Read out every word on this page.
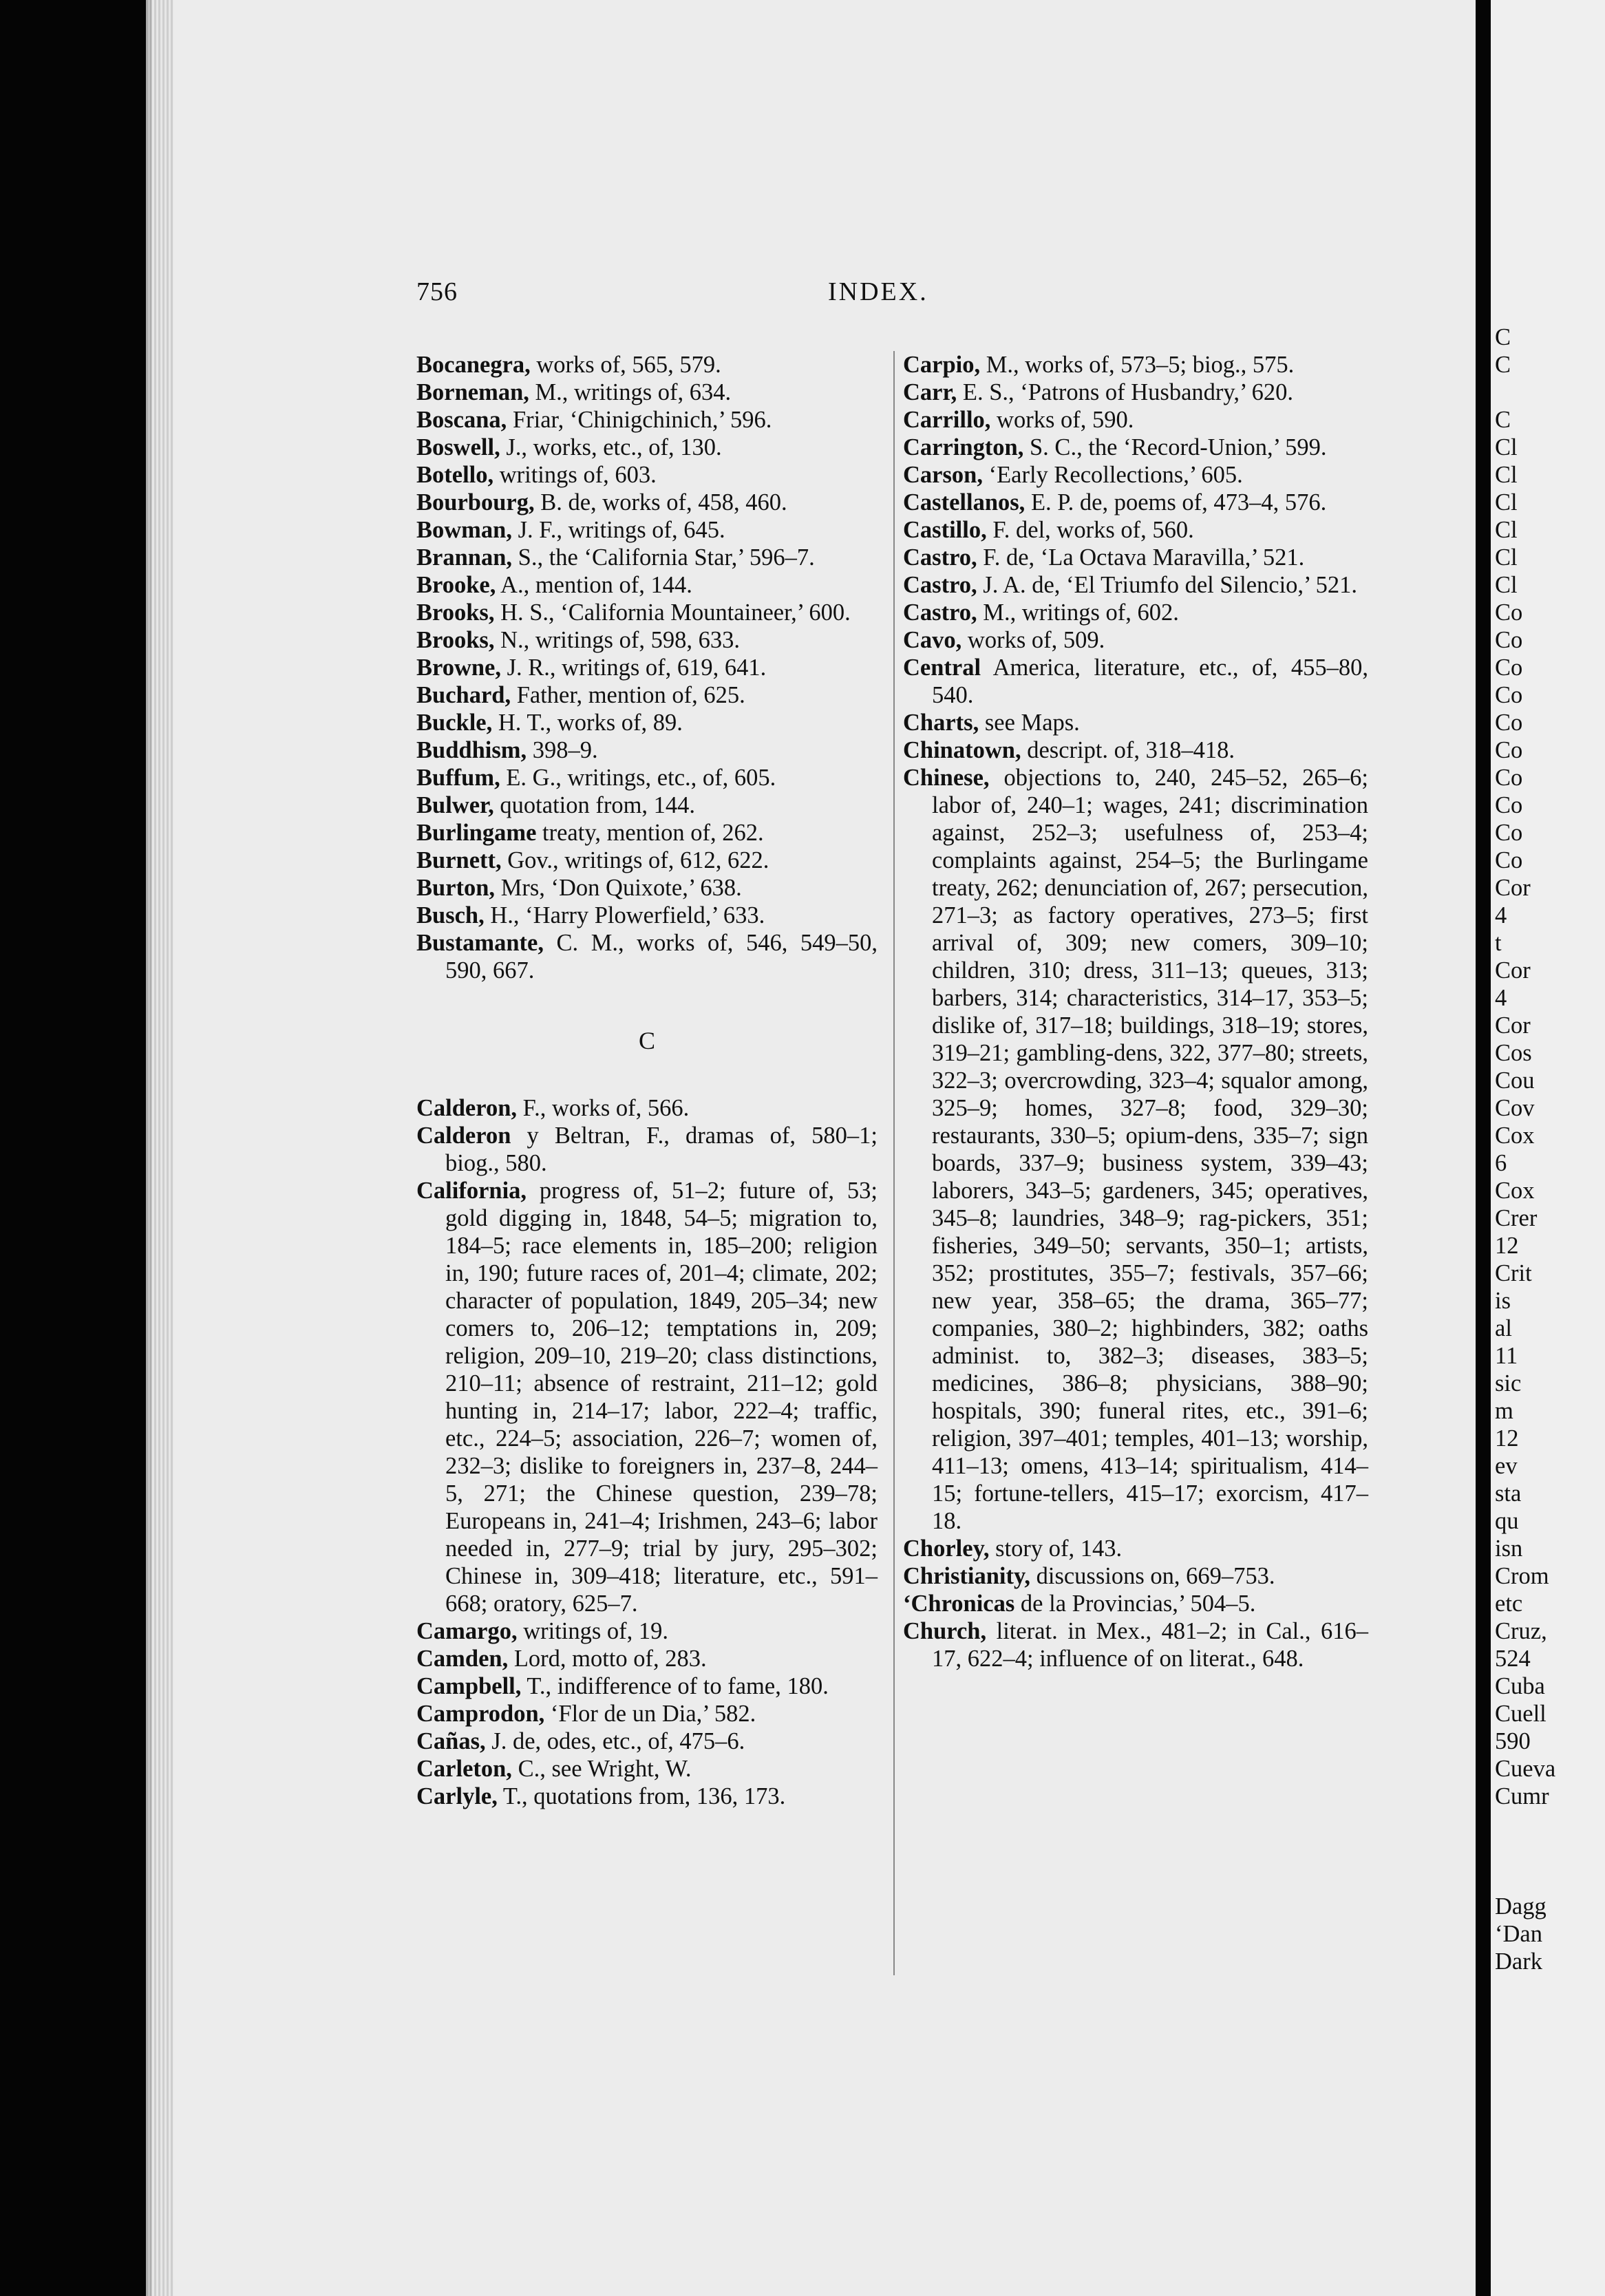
C
C
C
Cl
Cl
Cl
Cl
Cl
Cl
Co
Co
Co
Co
Co
Co
Co
Co
Co
Co
Cor
4
t
Cor
4
Cor
Cos
Cou
Cov
Cox
6
Cox
Crer
12
Crit
is
al
11
sic
m
12
ev
sta
qu
isn
Crom
etc
Cruz,
524
Cuba
Cuell
590
Cueva
Cumr
Dagg
‘Dan
Dark
756	INDEX.
Bocanegra, works of, 565, 579.
Borneman, M., writings of, 634.
Boscana, Friar, ‘Chinigchinich,’ 596.
Boswell, J., works, etc., of, 130.
Botello, writings of, 603.
Bourbourg, B. de, works of, 458, 460.
Bowman, J. F., writings of, 645.
Brannan, S., the ‘California Star,’ 596–7.
Brooke, A., mention of, 144.
Brooks, H. S., ‘California Mountaineer,’ 600.
Brooks, N., writings of, 598, 633.
Browne, J. R., writings of, 619, 641.
Buchard, Father, mention of, 625.
Buckle, H. T., works of, 89.
Buddhism, 398–9.
Buffum, E. G., writings, etc., of, 605.
Bulwer, quotation from, 144.
Burlingame treaty, mention of, 262.
Burnett, Gov., writings of, 612, 622.
Burton, Mrs, ‘Don Quixote,’ 638.
Busch, H., ‘Harry Plowerfield,’ 633.
Bustamante, C. M., works of, 546, 549–50, 590, 667.
C
Calderon, F., works of, 566.
Calderon y Beltran, F., dramas of, 580–1; biog., 580.
California, progress of, 51–2; future of, 53; gold digging in, 1848, 54–5; migration to, 184–5; race elements in, 185–200; religion in, 190; future races of, 201–4; climate, 202; character of population, 1849, 205–34; new comers to, 206–12; temptations in, 209; religion, 209–10, 219–20; class distinctions, 210–11; absence of restraint, 211–12; gold hunting in, 214–17; labor, 222–4; traffic, etc., 224–5; association, 226–7; women of, 232–3; dislike to foreigners in, 237–8, 244–5, 271; the Chinese question, 239–78; Europeans in, 241–4; Irishmen, 243–6; labor needed in, 277–9; trial by jury, 295–302; Chinese in, 309–418; literature, etc., 591–668; oratory, 625–7.
Camargo, writings of, 19.
Camden, Lord, motto of, 283.
Campbell, T., indifference of to fame, 180.
Camprodon, ‘Flor de un Dia,’ 582.
Cañas, J. de, odes, etc., of, 475–6.
Carleton, C., see Wright, W.
Carlyle, T., quotations from, 136, 173.
Carpio, M., works of, 573–5; biog., 575.
Carr, E. S., ‘Patrons of Husbandry,’ 620.
Carrillo, works of, 590.
Carrington, S. C., the ‘Record-Union,’ 599.
Carson, ‘Early Recollections,’ 605.
Castellanos, E. P. de, poems of, 473–4, 576.
Castillo, F. del, works of, 560.
Castro, F. de, ‘La Octava Maravilla,’ 521.
Castro, J. A. de, ‘El Triumfo del Silencio,’ 521.
Castro, M., writings of, 602.
Cavo, works of, 509.
Central America, literature, etc., of, 455–80, 540.
Charts, see Maps.
Chinatown, descript. of, 318–418.
Chinese, objections to, 240, 245–52, 265–6; labor of, 240–1; wages, 241; discrimination against, 252–3; usefulness of, 253–4; complaints against, 254–5; the Burlingame treaty, 262; denunciation of, 267; persecution, 271–3; as factory operatives, 273–5; first arrival of, 309; new comers, 309–10; children, 310; dress, 311–13; queues, 313; barbers, 314; characteristics, 314–17, 353–5; dislike of, 317–18; buildings, 318–19; stores, 319–21; gambling-dens, 322, 377–80; streets, 322–3; overcrowding, 323–4; squalor among, 325–9; homes, 327–8; food, 329–30; restaurants, 330–5; opium-dens, 335–7; sign boards, 337–9; business system, 339–43; laborers, 343–5; gardeners, 345; operatives, 345–8; laundries, 348–9; rag-pickers, 351; fisheries, 349–50; servants, 350–1; artists, 352; prostitutes, 355–7; festivals, 357–66; new year, 358–65; the drama, 365–77; companies, 380–2; highbinders, 382; oaths administ. to, 382–3; diseases, 383–5; medicines, 386–8; physicians, 388–90; hospitals, 390; funeral rites, etc., 391–6; religion, 397–401; temples, 401–13; worship, 411–13; omens, 413–14; spiritualism, 414–15; fortune-tellers, 415–17; exorcism, 417–18.
Chorley, story of, 143.
Christianity, discussions on, 669–753.
‘Chronicas de la Provincias,’ 504–5.
Church, literat. in Mex., 481–2; in Cal., 616–17, 622–4; influence of on literat., 648.
